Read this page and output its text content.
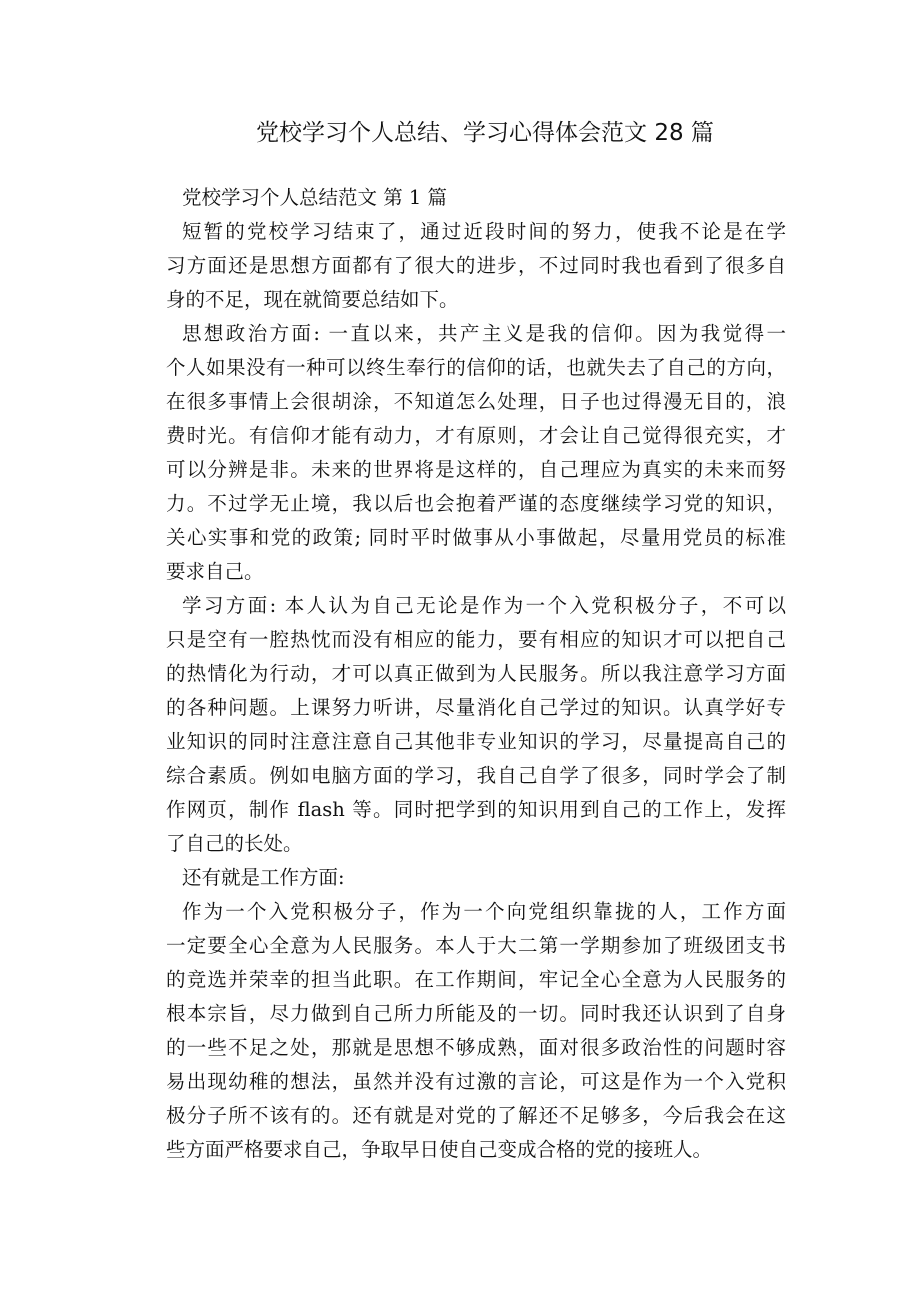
党校学习个人总结、学习心得体会范文 28 篇
党校学习个人总结范文 第 1 篇
短暂的党校学习结束了，通过近段时间的努力，使我不论是在学
习方面还是思想方面都有了很大的进步，不过同时我也看到了很多自
身的不足，现在就简要总结如下。
思想政治方面: 一直以来，共产主义是我的信仰。因为我觉得一
个人如果没有一种可以终生奉行的信仰的话，也就失去了自己的方向，
在很多事情上会很胡涂，不知道怎么处理，日子也过得漫无目的，浪
费时光。有信仰才能有动力，才有原则，才会让自己觉得很充实，才
可以分辨是非。未来的世界将是这样的，自己理应为真实的未来而努
力。不过学无止境，我以后也会抱着严谨的态度继续学习党的知识，
关心实事和党的政策; 同时平时做事从小事做起，尽量用党员的标准
要求自己。
学习方面: 本人认为自己无论是作为一个入党积极分子，不可以
只是空有一腔热忱而没有相应的能力，要有相应的知识才可以把自己
的热情化为行动，才可以真正做到为人民服务。所以我注意学习方面
的各种问题。上课努力听讲，尽量消化自己学过的知识。认真学好专
业知识的同时注意注意自己其他非专业知识的学习，尽量提高自己的
综合素质。例如电脑方面的学习，我自己自学了很多，同时学会了制
作网页，制作 flash 等。同时把学到的知识用到自己的工作上，发挥
了自己的长处。
还有就是工作方面:
作为一个入党积极分子，作为一个向党组织靠拢的人，工作方面
一定要全心全意为人民服务。本人于大二第一学期参加了班级团支书
的竞选并荣幸的担当此职。在工作期间，牢记全心全意为人民服务的
根本宗旨，尽力做到自己所力所能及的一切。同时我还认识到了自身
的一些不足之处，那就是思想不够成熟，面对很多政治性的问题时容
易出现幼稚的想法，虽然并没有过激的言论，可这是作为一个入党积
极分子所不该有的。还有就是对党的了解还不足够多，今后我会在这
些方面严格要求自己，争取早日使自己变成合格的党的接班人。
